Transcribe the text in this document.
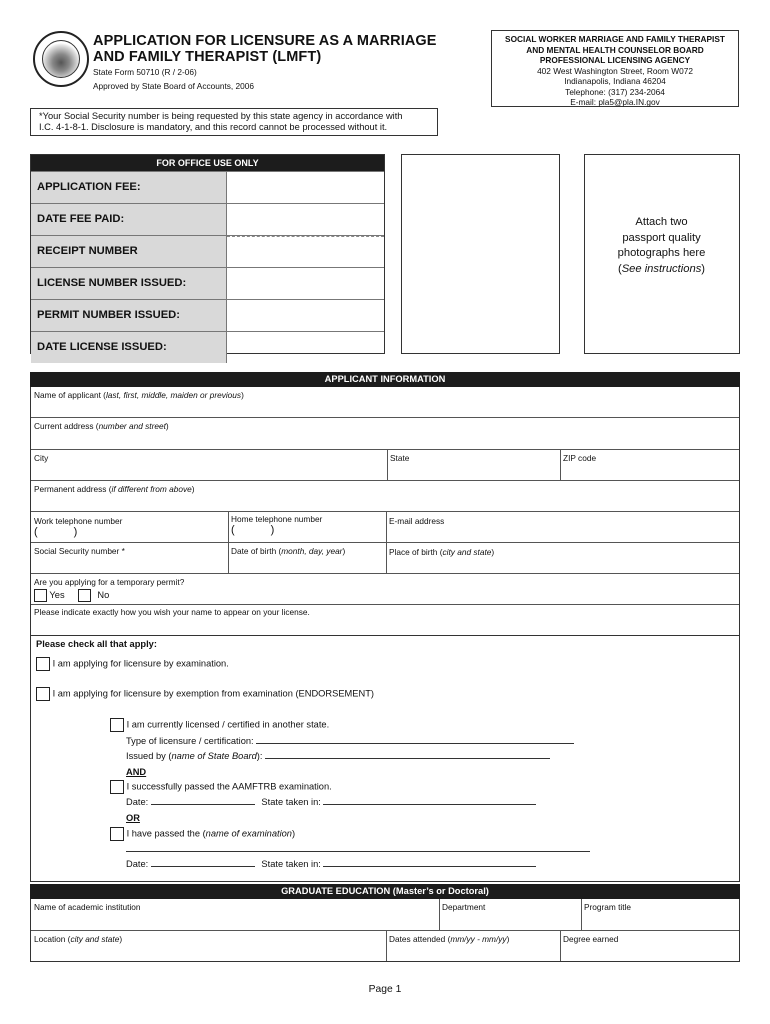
APPLICATION FOR LICENSURE AS A MARRIAGE
AND FAMILY THERAPIST (LMFT)
State Form 50710 (R / 2-06)
Approved by State Board of Accounts, 2006
SOCIAL WORKER MARRIAGE AND FAMILY THERAPIST
AND MENTAL HEALTH COUNSELOR BOARD
PROFESSIONAL LICENSING AGENCY
402 West Washington Street, Room W072
Indianapolis, Indiana 46204
Telephone: (317) 234-2064
E-mail: pla5@pla.IN.gov
*Your Social Security number is being requested by this state agency in accordance with
I.C. 4-1-8-1. Disclosure is mandatory, and this record cannot be processed without it.
FOR OFFICE USE ONLY
APPLICATION FEE:
DATE FEE PAID:
RECEIPT NUMBER
LICENSE NUMBER ISSUED:
PERMIT NUMBER ISSUED:
DATE LICENSE ISSUED:
Attach two
passport quality
photographs here
(See instructions)
APPLICANT INFORMATION
Name of applicant (last, first, middle, maiden or previous)
Current address (number and street)
City	State	ZIP code
Permanent address (if different from above)
Work telephone number
(	)
Home telephone number
(	)
E-mail address
Social Security number *	Date of birth (month, day, year)	Place of birth (city and state)
Are you applying for a temporary permit?
Yes	No
Please indicate exactly how you wish your name to appear on your license.
Please check all that apply:
I am applying for licensure by examination.
I am applying for licensure by exemption from examination (ENDORSEMENT)
I am currently licensed / certified in another state.
Type of licensure / certification:
Issued by (name of State Board):
AND
I successfully passed the AAMFTRB examination.
Date:	State taken in:
OR
I have passed the (name of examination)
Date:	State taken in:
GRADUATE EDUCATION (Master’s or Doctoral)
Name of academic institution	Department	Program title
Location (city and state)	Dates attended (mm/yy - mm/yy)	Degree earned
Page 1
